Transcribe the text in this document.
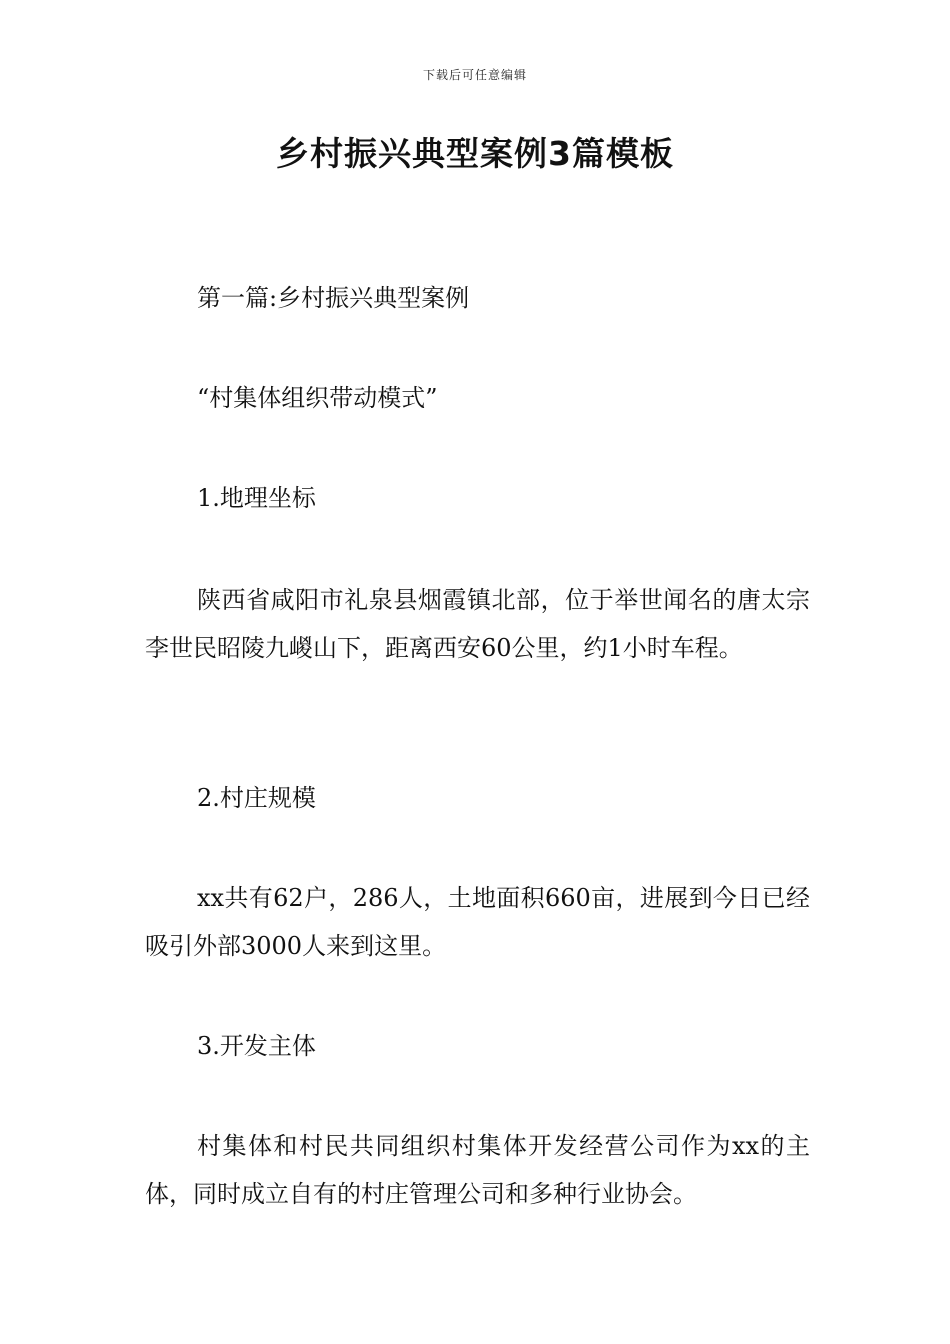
下载后可任意编辑
乡村振兴典型案例3篇模板

第一篇:乡村振兴典型案例

“村集体组织带动模式”

1.地理坐标

陕西省咸阳市礼泉县烟霞镇北部，位于举世闻名的唐太宗李世民昭陵九嵕山下，距离西安60公里，约1小时车程。

2.村庄规模

xx共有62户，286人，土地面积660亩，进展到今日已经吸引外部3000人来到这里。

3.开发主体

村集体和村民共同组织村集体开发经营公司作为xx的主体，同时成立自有的村庄管理公司和多种行业协会。
